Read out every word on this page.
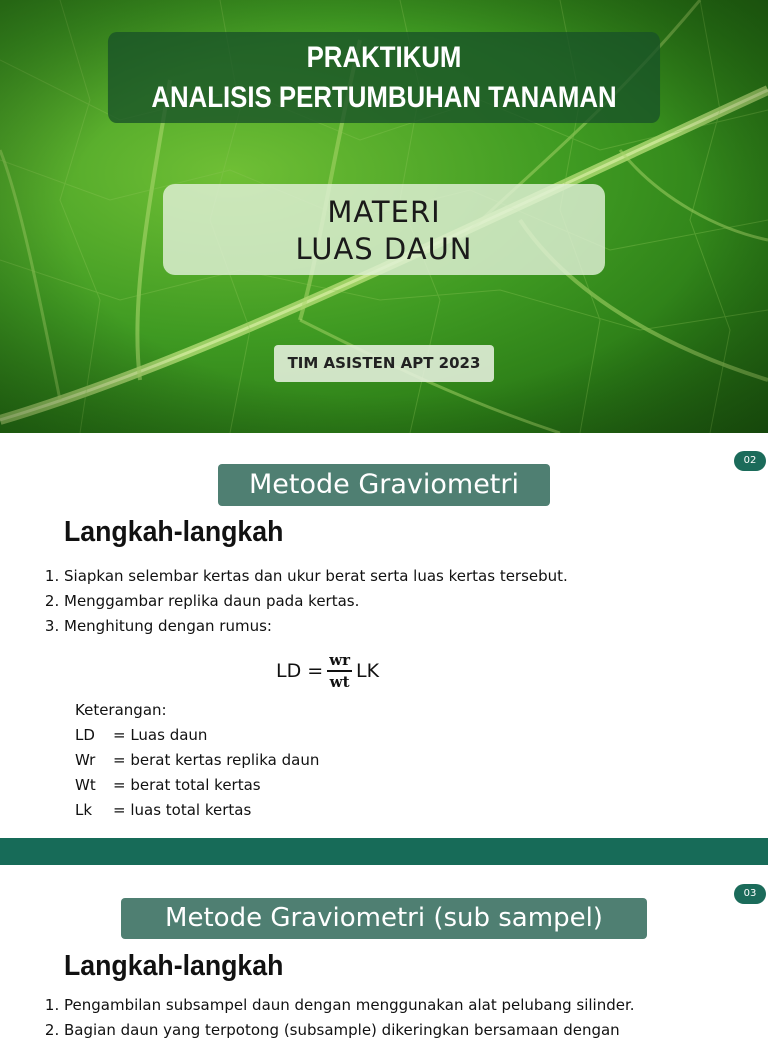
PRAKTIKUM
ANALISIS PERTUMBUHAN TANAMAN
MATERI
LUAS DAUN
TIM ASISTEN APT 2023
02
Metode Graviometri
Langkah-langkah
1. Siapkan selembar kertas dan ukur berat serta luas kertas tersebut.
2. Menggambar replika daun pada kertas.
3. Menghitung dengan rumus:
LD = $\frac{wr}{wt}$ LK
Keterangan:
LD	= Luas daun
Wr	= berat kertas replika daun
Wt	= berat total kertas
Lk	= luas total kertas
03
Metode Graviometri (sub sampel)
Langkah-langkah
1. Pengambilan subsampel daun dengan menggunakan alat pelubang silinder.
2. Bagian daun yang terpotong (subsample) dikeringkan bersamaan dengan
